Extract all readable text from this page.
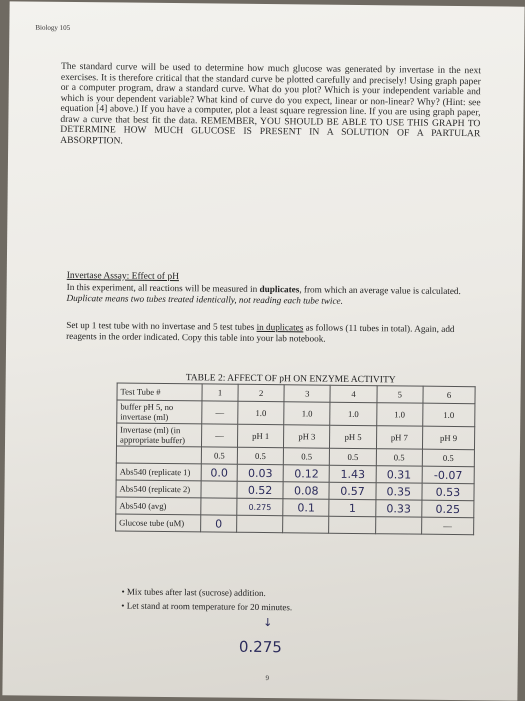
Biology 105
The standard curve will be used to determine how much glucose was generated by invertase in the next exercises. It is therefore critical that the standard curve be plotted carefully and precisely! Using graph paper or a computer program, draw a standard curve. What do you plot? Which is your independent variable and which is your dependent variable? What kind of curve do you expect, linear or non-linear? Why? (Hint: see equation [4] above.) If you have a computer, plot a least square regression line. If you are using graph paper, draw a curve that best fit the data. REMEMBER, YOU SHOULD BE ABLE TO USE THIS GRAPH TO DETERMINE HOW MUCH GLUCOSE IS PRESENT IN A SOLUTION OF A PARTULAR ABSORPTION.
Invertase Assay: Effect of pH
In this experiment, all reactions will be measured in duplicates, from which an average value is calculated. Duplicate means two tubes treated identically, not reading each tube twice.
Set up 1 test tube with no invertase and 5 test tubes in duplicates as follows (11 tubes in total). Again, add reagents in the order indicated. Copy this table into your lab notebook.
TABLE 2: AFFECT OF pH ON ENZYME ACTIVITY
Test Tube #	1	2	3	4	5	6
buffer pH 5, no invertase (ml)	—	1.0	1.0	1.0	1.0	1.0
Invertase (ml) (in appropriate buffer)	—	pH 1	pH 3	pH 5	pH 7	pH 9
	0.5	0.5	0.5	0.5	0.5	0.5
Abs540 (replicate 1)	0.0	0.03	0.12	1.43	0.31	-0.07
Abs540 (replicate 2)		0.52	0.08	0.57	0.35	0.53
Abs540 (avg)		0.275	0.1	1	0.33	0.25
Glucose tube (uM)	0					—
• Mix tubes after last (sucrose) addition.
• Let stand at room temperature for 20 minutes.
↓
0.275
9
